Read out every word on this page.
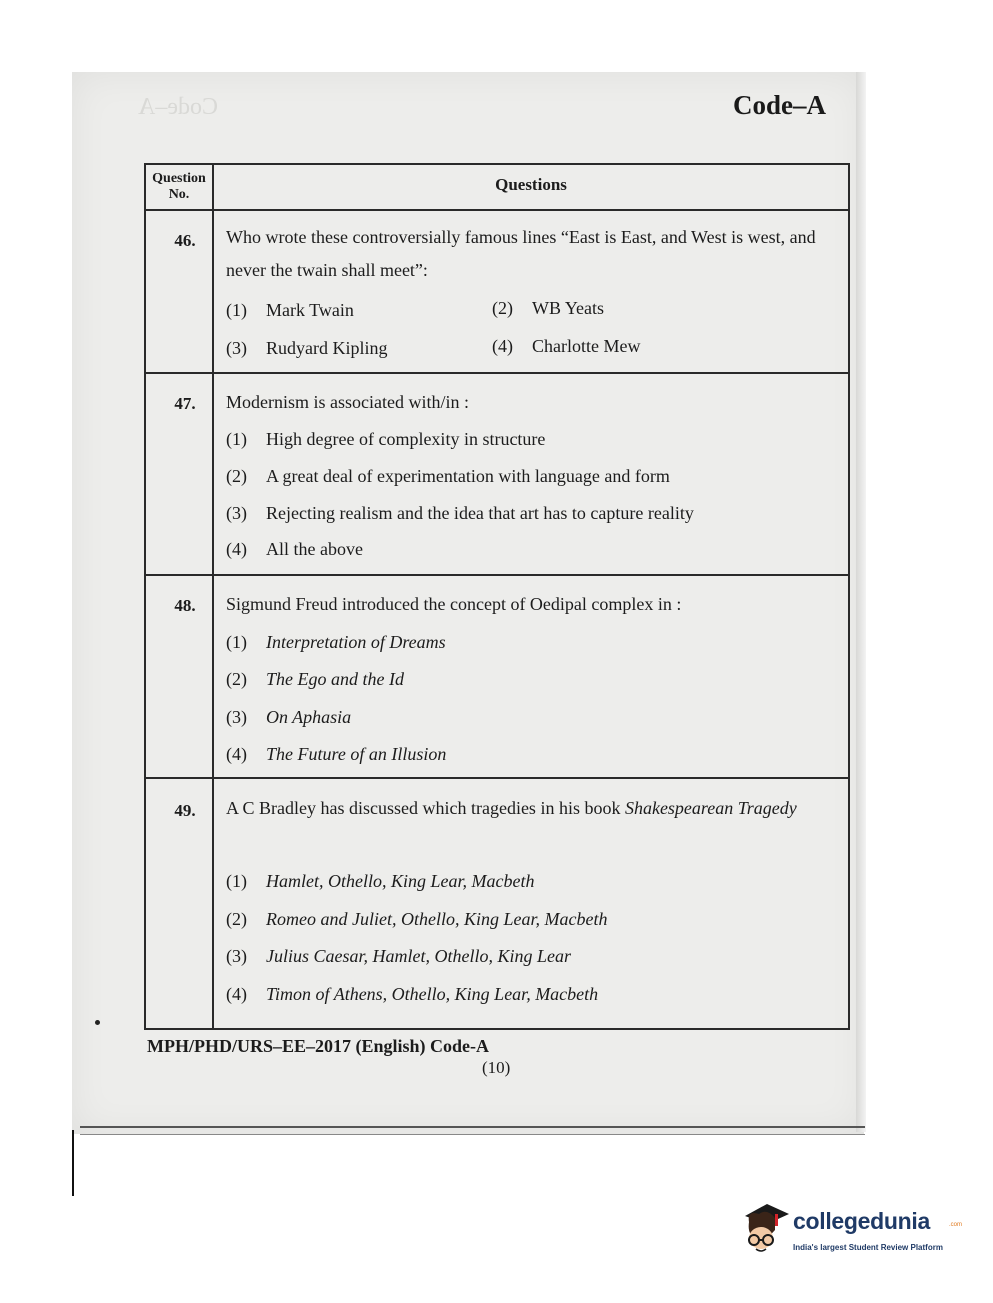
Code–A	Code–A
Question No.
Questions
46.	Who wrote these controversially famous lines “East is East, and West is west, and never the twain shall meet”:
(1) Mark Twain	(2) WB Yeats
(3) Rudyard Kipling	(4) Charlotte Mew
47.	Modernism is associated with/in :
(1) High degree of complexity in structure
(2) A great deal of experimentation with language and form
(3) Rejecting realism and the idea that art has to capture reality
(4) All the above
48.	Sigmund Freud introduced the concept of Oedipal complex in :
(1) Interpretation of Dreams
(2) The Ego and the Id
(3) On Aphasia
(4) The Future of an Illusion
49.	A C Bradley has discussed which tragedies in his book Shakespearean Tragedy
(1) Hamlet, Othello, King Lear, Macbeth
(2) Romeo and Juliet, Othello, King Lear, Macbeth
(3) Julius Caesar, Hamlet, Othello, King Lear
(4) Timon of Athens, Othello, King Lear, Macbeth
MPH/PHD/URS–EE–2017 (English) Code-A
(10)
collegedunia	.com
India's largest Student Review Platform
